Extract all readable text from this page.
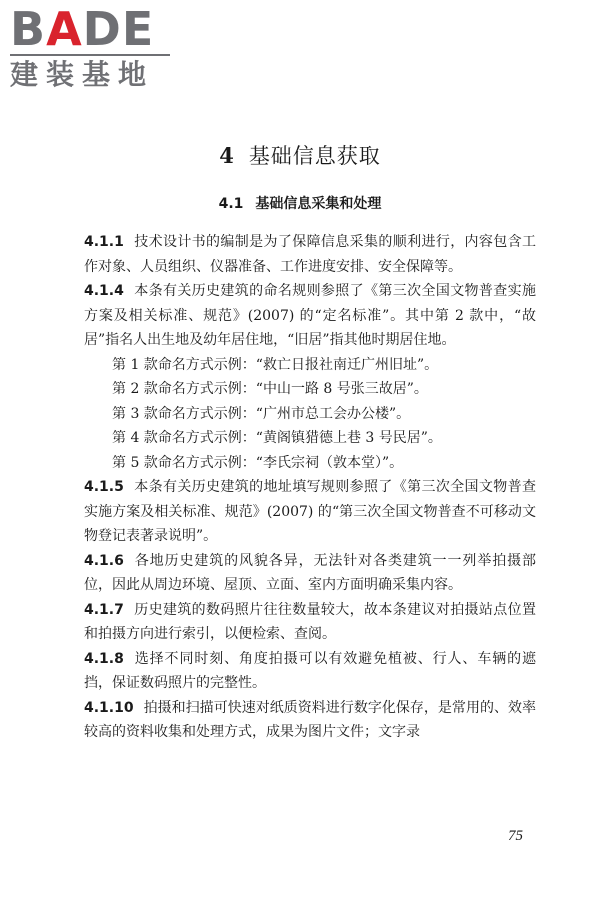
BADE
建装基地
4 基础信息获取
4.1 基础信息采集和处理

4.1.1 技术设计书的编制是为了保障信息采集的顺利进行，内容包含工作对象、人员组织、仪器准备、工作进度安排、安全保障等。

4.1.4 本条有关历史建筑的命名规则参照了《第三次全国文物普查实施方案及相关标准、规范》(2007) 的“定名标准”。其中第 2 款中，“故居”指名人出生地及幼年居住地，“旧居”指其他时期居住地。

第 1 款命名方式示例：“救亡日报社南迁广州旧址”。

第 2 款命名方式示例：“中山一路 8 号张三故居”。

第 3 款命名方式示例：“广州市总工会办公楼”。

第 4 款命名方式示例：“黄阁镇猎德上巷 3 号民居”。

第 5 款命名方式示例：“李氏宗祠（敦本堂）”。

4.1.5 本条有关历史建筑的地址填写规则参照了《第三次全国文物普查实施方案及相关标准、规范》(2007) 的“第三次全国文物普查不可移动文物登记表著录说明”。

4.1.6 各地历史建筑的风貌各异，无法针对各类建筑一一列举拍摄部位，因此从周边环境、屋顶、立面、室内方面明确采集内容。

4.1.7 历史建筑的数码照片往往数量较大，故本条建议对拍摄站点位置和拍摄方向进行索引，以便检索、查阅。

4.1.8 选择不同时刻、角度拍摄可以有效避免植被、行人、车辆的遮挡，保证数码照片的完整性。

4.1.10 拍摄和扫描可快速对纸质资料进行数字化保存，是常用的、效率较高的资料收集和处理方式，成果为图片文件；文字录

75
